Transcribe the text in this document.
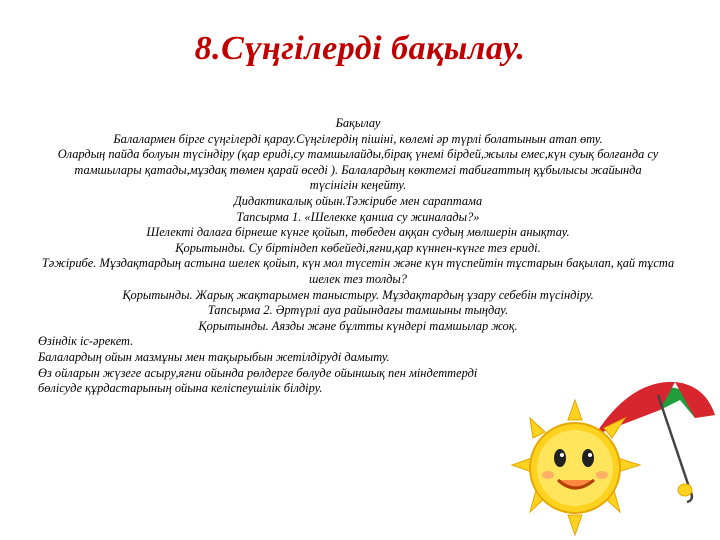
8.Сүңгілерді бақылау.
Бақылау
Балалармен бірге сүңгілерді қарау.Сүңгілердің пішіні, көлемі әр түрлі болатынын атап өту.
Олардың пайда болуын түсіндіру (қар ериді,су тамшылайды,бірақ үнемі бірдей,жылы емес,күн суық болғанда су тамшылары қатады,мұздақ төмен қарай өседі ). Балалардың көктемгі табиғаттың құбылысы жайында түсінігін кеңейту.
Дидактикалық ойын.Тәжірибе мен сараптама
Тапсырма 1. «Шелекке қанша су жиналады?»
Шелекті далаға бірнеше күнге қойып, төбеден аққан судың мөлшерін анықтау.
Қорытынды. Су біртіндеп көбейеді,яғни,қар күннен-күнге тез ериді.
Тәжірибе. Мұздақтардың астына шелек қойып, күн мол түсетін және күн түспейтін тұстарын бақылап, қай тұста шелек тез толды?
Қорытынды. Жарық жақтарымен таныстыру. Мұздақтардың ұзару себебін түсіндіру.
Тапсырма 2. Әртүрлі ауа райындағы тамшыны тыңдау.
Қорытынды. Аязды және бұлтты күндері тамшылар жоқ.
Өзіндік іс-әрекет.
Балалардың ойын мазмұны мен тақырыбын жетілдіруді дамыту.
Өз ойларын жүзеге асыру,яғни ойында рөлдерге бөлуде ойыншық пен міндеттерді бөлісуде құрдастарының ойына келіспеушілік білдіру.
